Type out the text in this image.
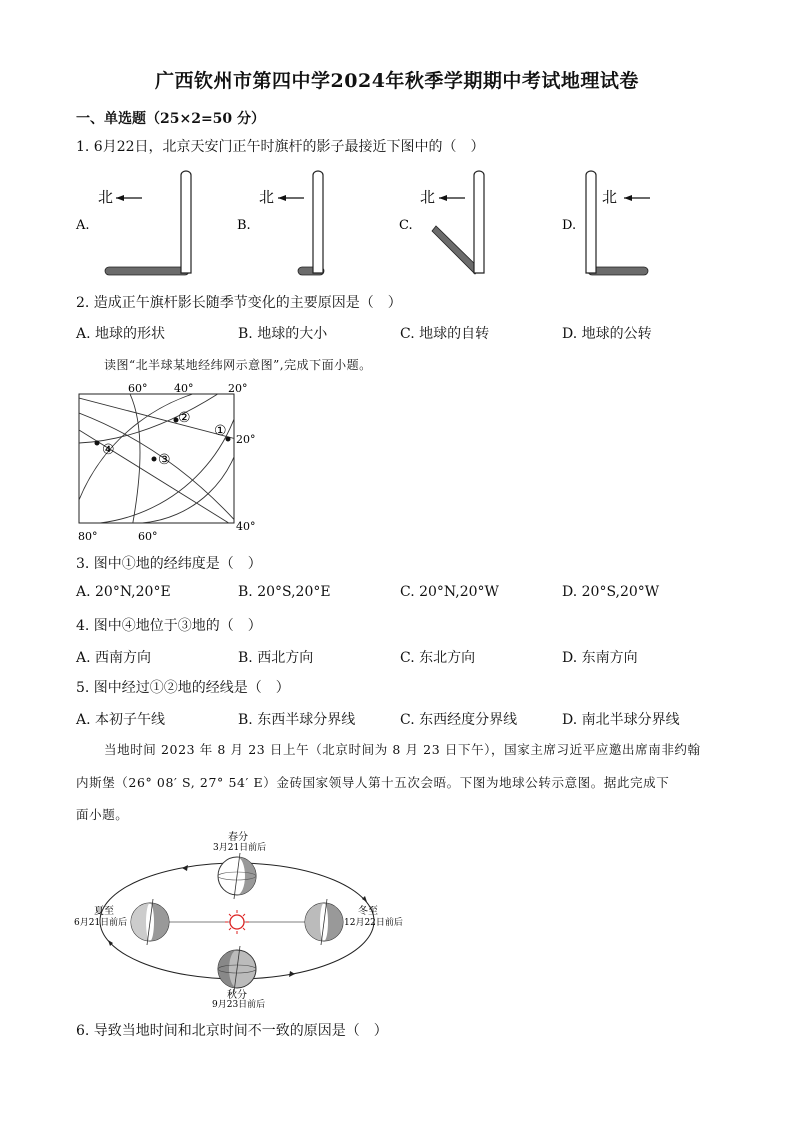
广西钦州市第四中学2024年秋季学期期中考试地理试卷
一、单选题（25×2=50 分）
1. 6月22日，北京天安门正午时旗杆的影子最接近下图中的（　）
A.
北
B.
北
C.
北
D.
北
2. 造成正午旗杆影长随季节变化的主要原因是（　）
A. 地球的形状	B. 地球的大小	C. 地球的自转	D. 地球的公转
读图“北半球某地经纬网示意图”,完成下面小题。
60° 40°	20°
20°
40°
80°	60°
①
②
③
④
3. 图中①地的经纬度是（　）
A. 20°N,20°E	B. 20°S,20°E	C. 20°N,20°W	D. 20°S,20°W
4. 图中④地位于③地的（　）
A. 西南方向	B. 西北方向	C. 东北方向	D. 东南方向
5. 图中经过①②地的经线是（　）
A. 本初子午线	B. 东西半球分界线	C. 东西经度分界线	D. 南北半球分界线
当地时间 2023 年 8 月 23 日上午（北京时间为 8 月 23 日下午），国家主席习近平应邀出席南非约翰
内斯堡（26° 08′ S, 27° 54′ E）金砖国家领导人第十五次会晤。下图为地球公转示意图。据此完成下
面小题。
春分
3月21日前后
夏至
6月21日前后
冬至
12月22日前后
秋分
9月23日前后
6. 导致当地时间和北京时间不一致的原因是（　）
